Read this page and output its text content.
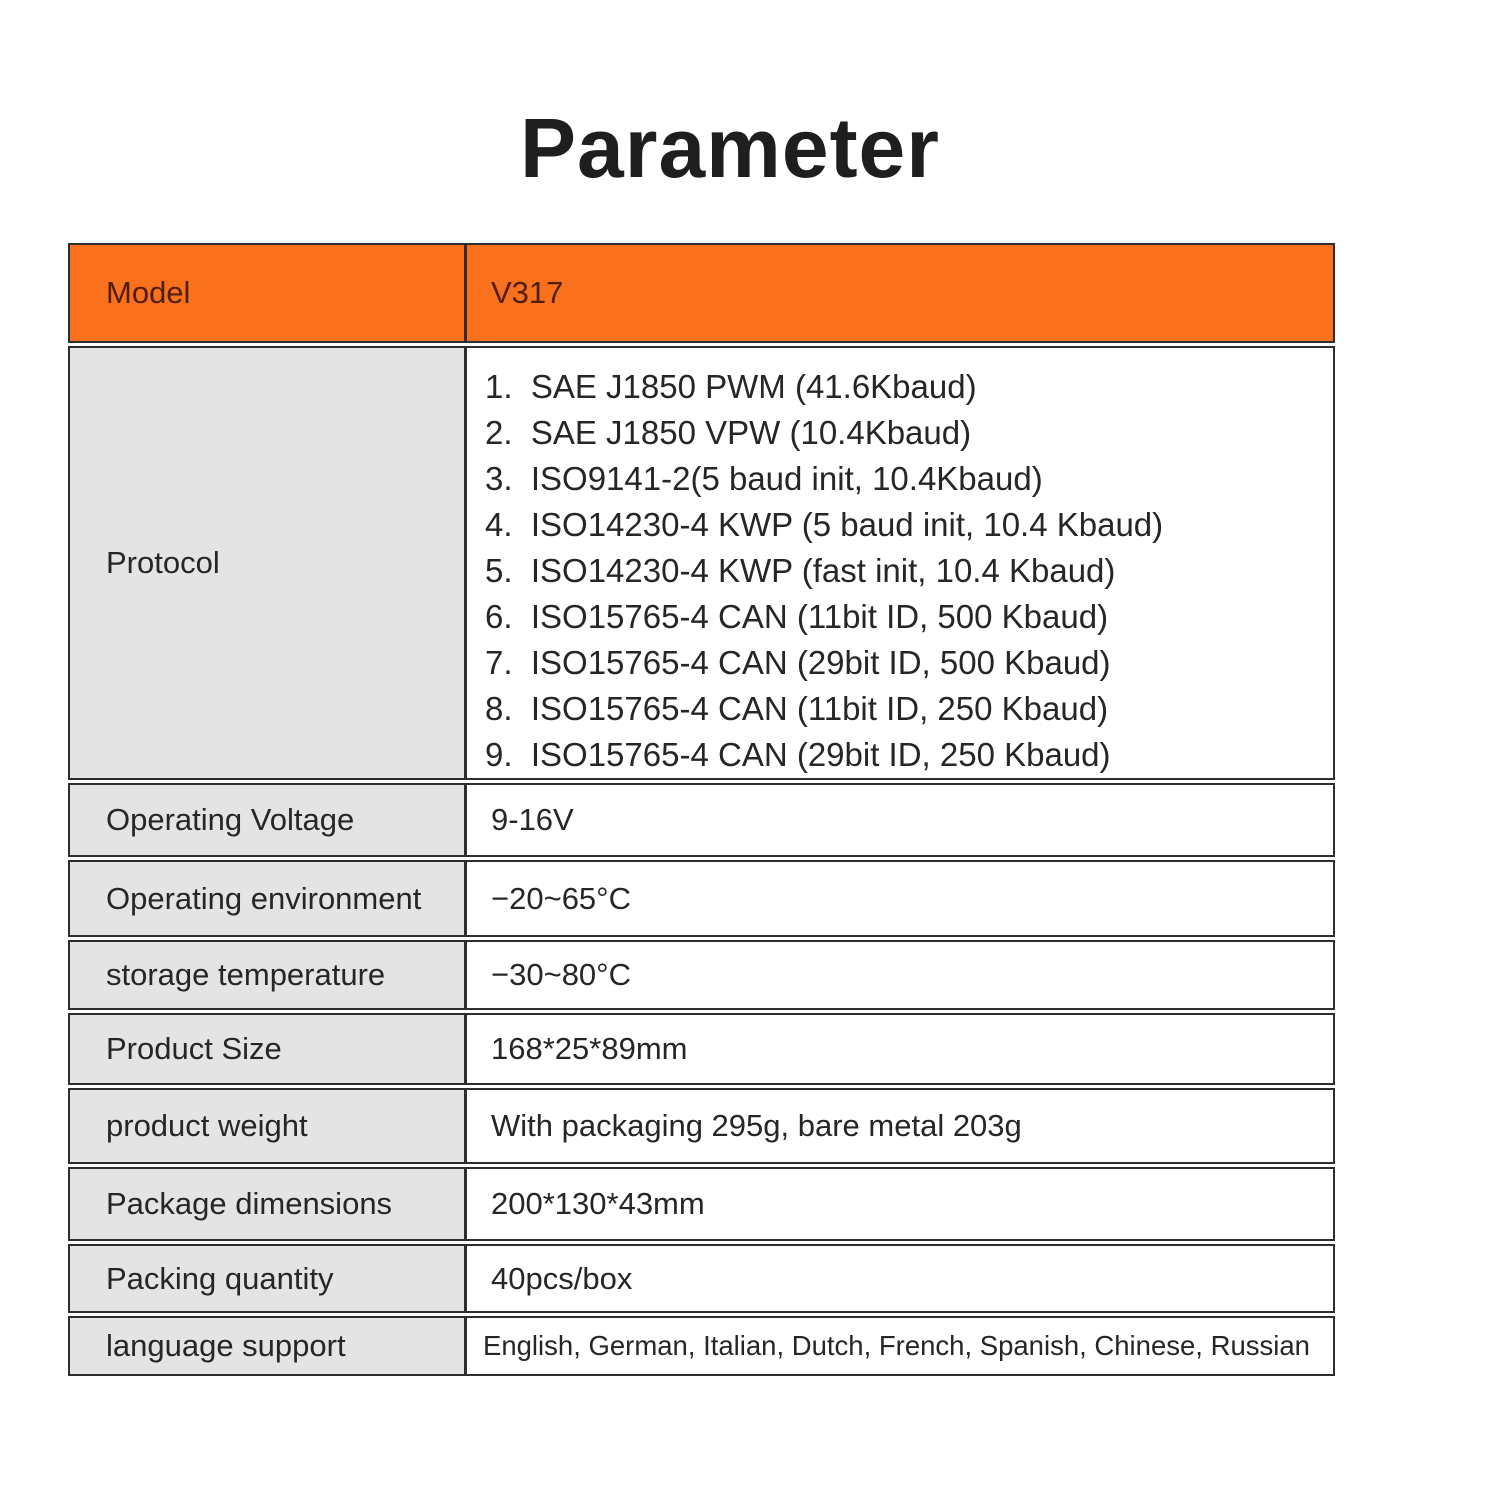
Parameter
Model	V317
Protocol
1.  SAE J1850 PWM (41.6Kbaud)
2.  SAE J1850 VPW (10.4Kbaud)
3.  ISO9141-2(5 baud init, 10.4Kbaud)
4.  ISO14230-4 KWP (5 baud init, 10.4 Kbaud)
5.  ISO14230-4 KWP (fast init, 10.4 Kbaud)
6.  ISO15765-4 CAN (11bit ID, 500 Kbaud)
7.  ISO15765-4 CAN (29bit ID, 500 Kbaud)
8.  ISO15765-4 CAN (11bit ID, 250 Kbaud)
9.  ISO15765-4 CAN (29bit ID, 250 Kbaud)
Operating Voltage	9-16V
Operating environment	−20~65°C
storage temperature	−30~80°C
Product Size	168*25*89mm
product weight	With packaging 295g, bare metal 203g
Package dimensions	200*130*43mm
Packing quantity	40pcs/box
language support	English, German, Italian, Dutch, French, Spanish, Chinese, Russian
